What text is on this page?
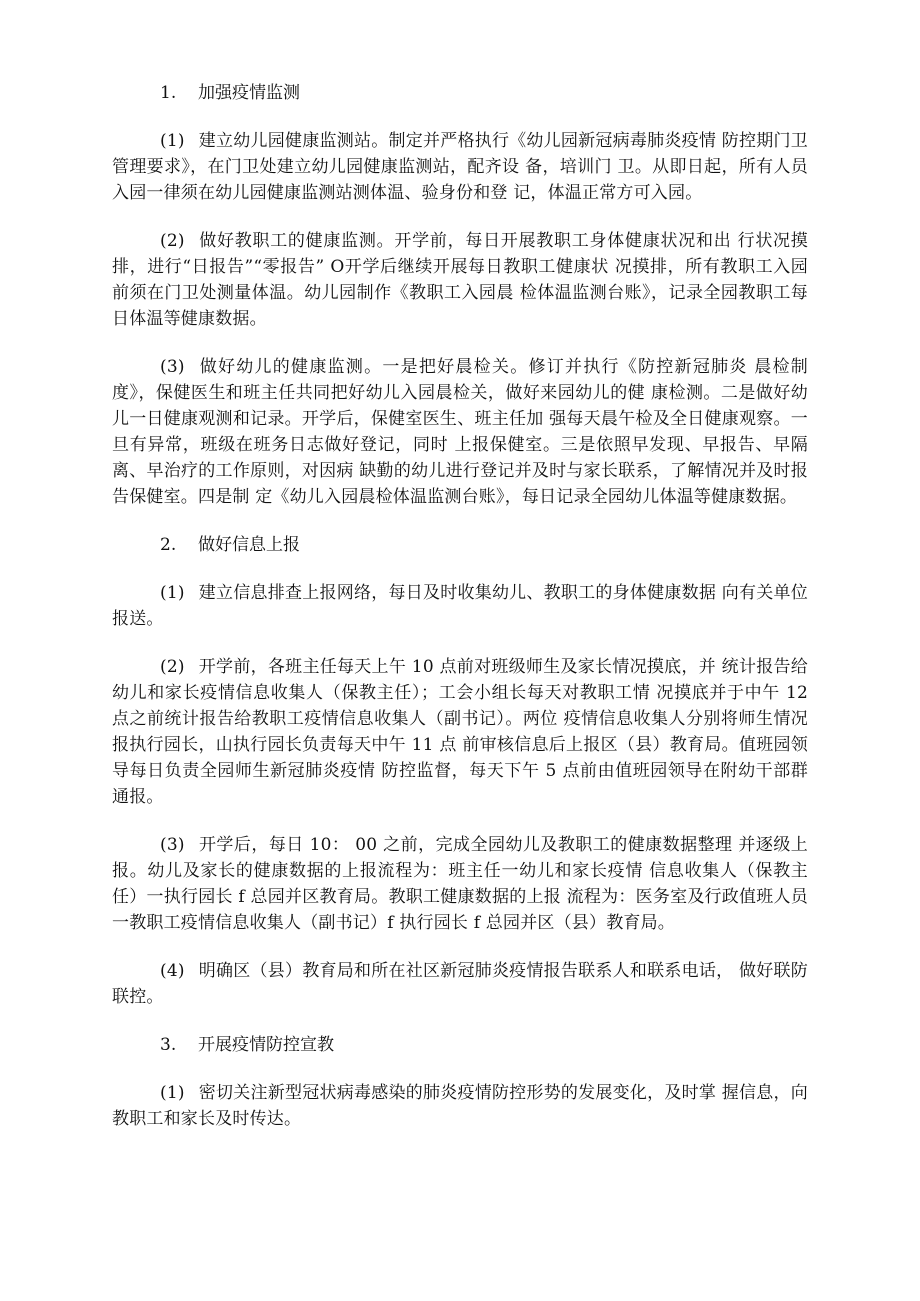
1.	加强疫情监测

(1) 建立幼儿园健康监测站。制定并严格执行《幼儿园新冠病毒肺炎疫情 防控期门卫管理要求》，在门卫处建立幼儿园健康监测站，配齐设 备，培训门 卫。从即日起，所有人员入园一律须在幼儿园健康监测站测体温、验身份和登 记，体温正常方可入园。

(2) 做好教职工的健康监测。开学前，每日开展教职工身体健康状况和出 行状况摸排，进行“日报告”“零报告” O开学后继续开展每日教职工健康状 况摸排，所有教职工入园前须在门卫处测量体温。幼儿园制作《教职工入园晨 检体温监测台账》，记录全园教职工每日体温等健康数据。

(3) 做好幼儿的健康监测。一是把好晨检关。修订并执行《防控新冠肺炎 晨检制度》，保健医生和班主任共同把好幼儿入园晨检关，做好来园幼儿的健 康检测。二是做好幼儿一日健康观测和记录。开学后，保健室医生、班主任加 强每天晨午检及全日健康观察。一旦有异常，班级在班务日志做好登记，同时 上报保健室。三是依照早发现、早报告、早隔离、早治疗的工作原则，对因病 缺勤的幼儿进行登记并及时与家长联系，了解情况并及时报告保健室。四是制 定《幼儿入园晨检体温监测台账》，每日记录全园幼儿体温等健康数据。

2.	做好信息上报

(1) 建立信息排查上报网络，每日及时收集幼儿、教职工的身体健康数据 向有关单位报送。

(2) 开学前，各班主任每天上午 10 点前对班级师生及家长情况摸底，并 统计报告给幼儿和家长疫情信息收集人（保教主任）；工会小组长每天对教职工情 况摸底并于中午 12 点之前统计报告给教职工疫情信息收集人（副书记）。两位 疫情信息收集人分别将师生情况报执行园长，山执行园长负责每天中午 11 点 前审核信息后上报区（县）教育局。值班园领导每日负责全园师生新冠肺炎疫情 防控监督，每天下午 5 点前由值班园领导在附幼干部群通报。

(3) 开学后，每日 10： 00 之前，完成全园幼儿及教职工的健康数据整理 并逐级上报。幼儿及家长的健康数据的上报流程为：班主任一幼儿和家长疫情 信息收集人（保教主任）一执行园长 f 总园并区教育局。教职工健康数据的上报 流程为：医务室及行政值班人员一教职工疫情信息收集人（副书记）f 执行园长 f 总园并区（县）教育局。

(4) 明确区（县）教育局和所在社区新冠肺炎疫情报告联系人和联系电话， 做好联防联控。

3.	开展疫情防控宣教

(1) 密切关注新型冠状病毒感染的肺炎疫情防控形势的发展变化，及时掌 握信息，向教职工和家长及时传达。
